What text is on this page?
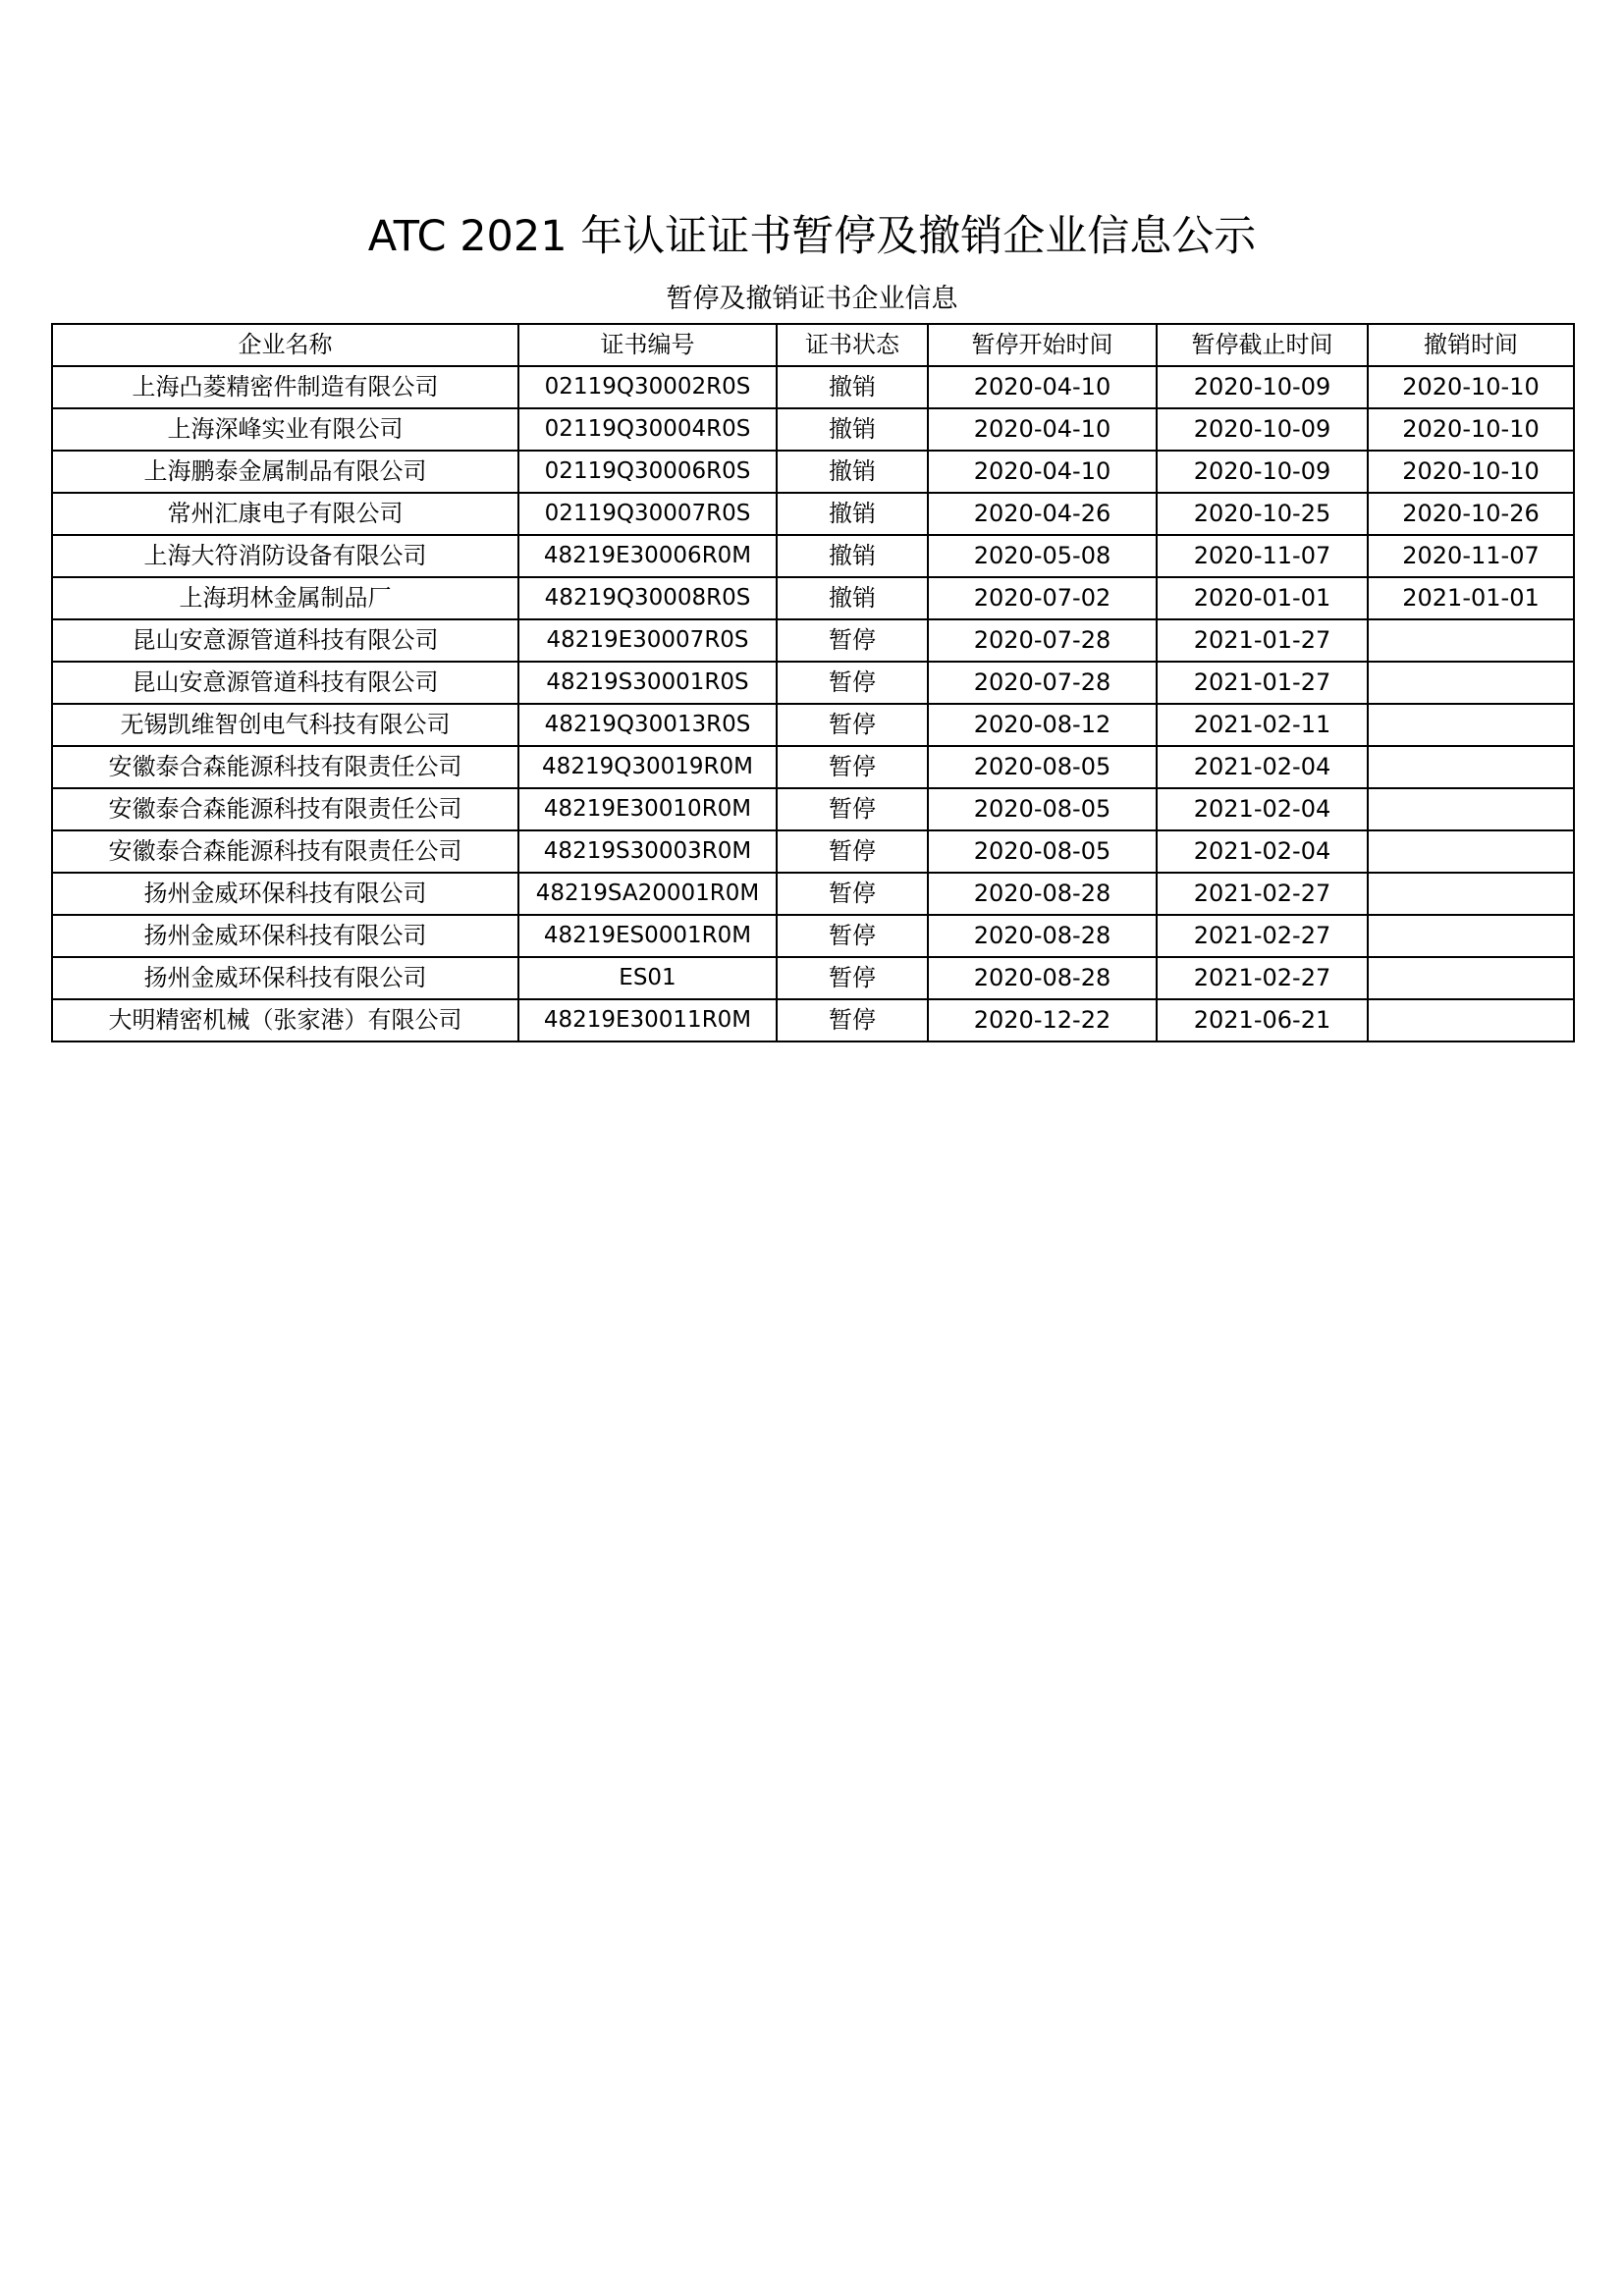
ATC 2021 年认证证书暂停及撤销企业信息公示
暂停及撤销证书企业信息
企业名称	证书编号	证书状态	暂停开始时间	暂停截止时间	撤销时间
上海凸菱精密件制造有限公司	02119Q30002R0S	撤销	2020-04-10	2020-10-09	2020-10-10
上海深峰实业有限公司	02119Q30004R0S	撤销	2020-04-10	2020-10-09	2020-10-10
上海鹏泰金属制品有限公司	02119Q30006R0S	撤销	2020-04-10	2020-10-09	2020-10-10
常州汇康电子有限公司	02119Q30007R0S	撤销	2020-04-26	2020-10-25	2020-10-26
上海大符消防设备有限公司	48219E30006R0M	撤销	2020-05-08	2020-11-07	2020-11-07
上海玥林金属制品厂	48219Q30008R0S	撤销	2020-07-02	2020-01-01	2021-01-01
昆山安意源管道科技有限公司	48219E30007R0S	暂停	2020-07-28	2021-01-27	
昆山安意源管道科技有限公司	48219S30001R0S	暂停	2020-07-28	2021-01-27	
无锡凯维智创电气科技有限公司	48219Q30013R0S	暂停	2020-08-12	2021-02-11	
安徽泰合森能源科技有限责任公司	48219Q30019R0M	暂停	2020-08-05	2021-02-04	
安徽泰合森能源科技有限责任公司	48219E30010R0M	暂停	2020-08-05	2021-02-04	
安徽泰合森能源科技有限责任公司	48219S30003R0M	暂停	2020-08-05	2021-02-04	
扬州金威环保科技有限公司	48219SA20001R0M	暂停	2020-08-28	2021-02-27	
扬州金威环保科技有限公司	48219ES0001R0M	暂停	2020-08-28	2021-02-27	
扬州金威环保科技有限公司	ES01	暂停	2020-08-28	2021-02-27	
大明精密机械（张家港）有限公司	48219E30011R0M	暂停	2020-12-22	2021-06-21	
